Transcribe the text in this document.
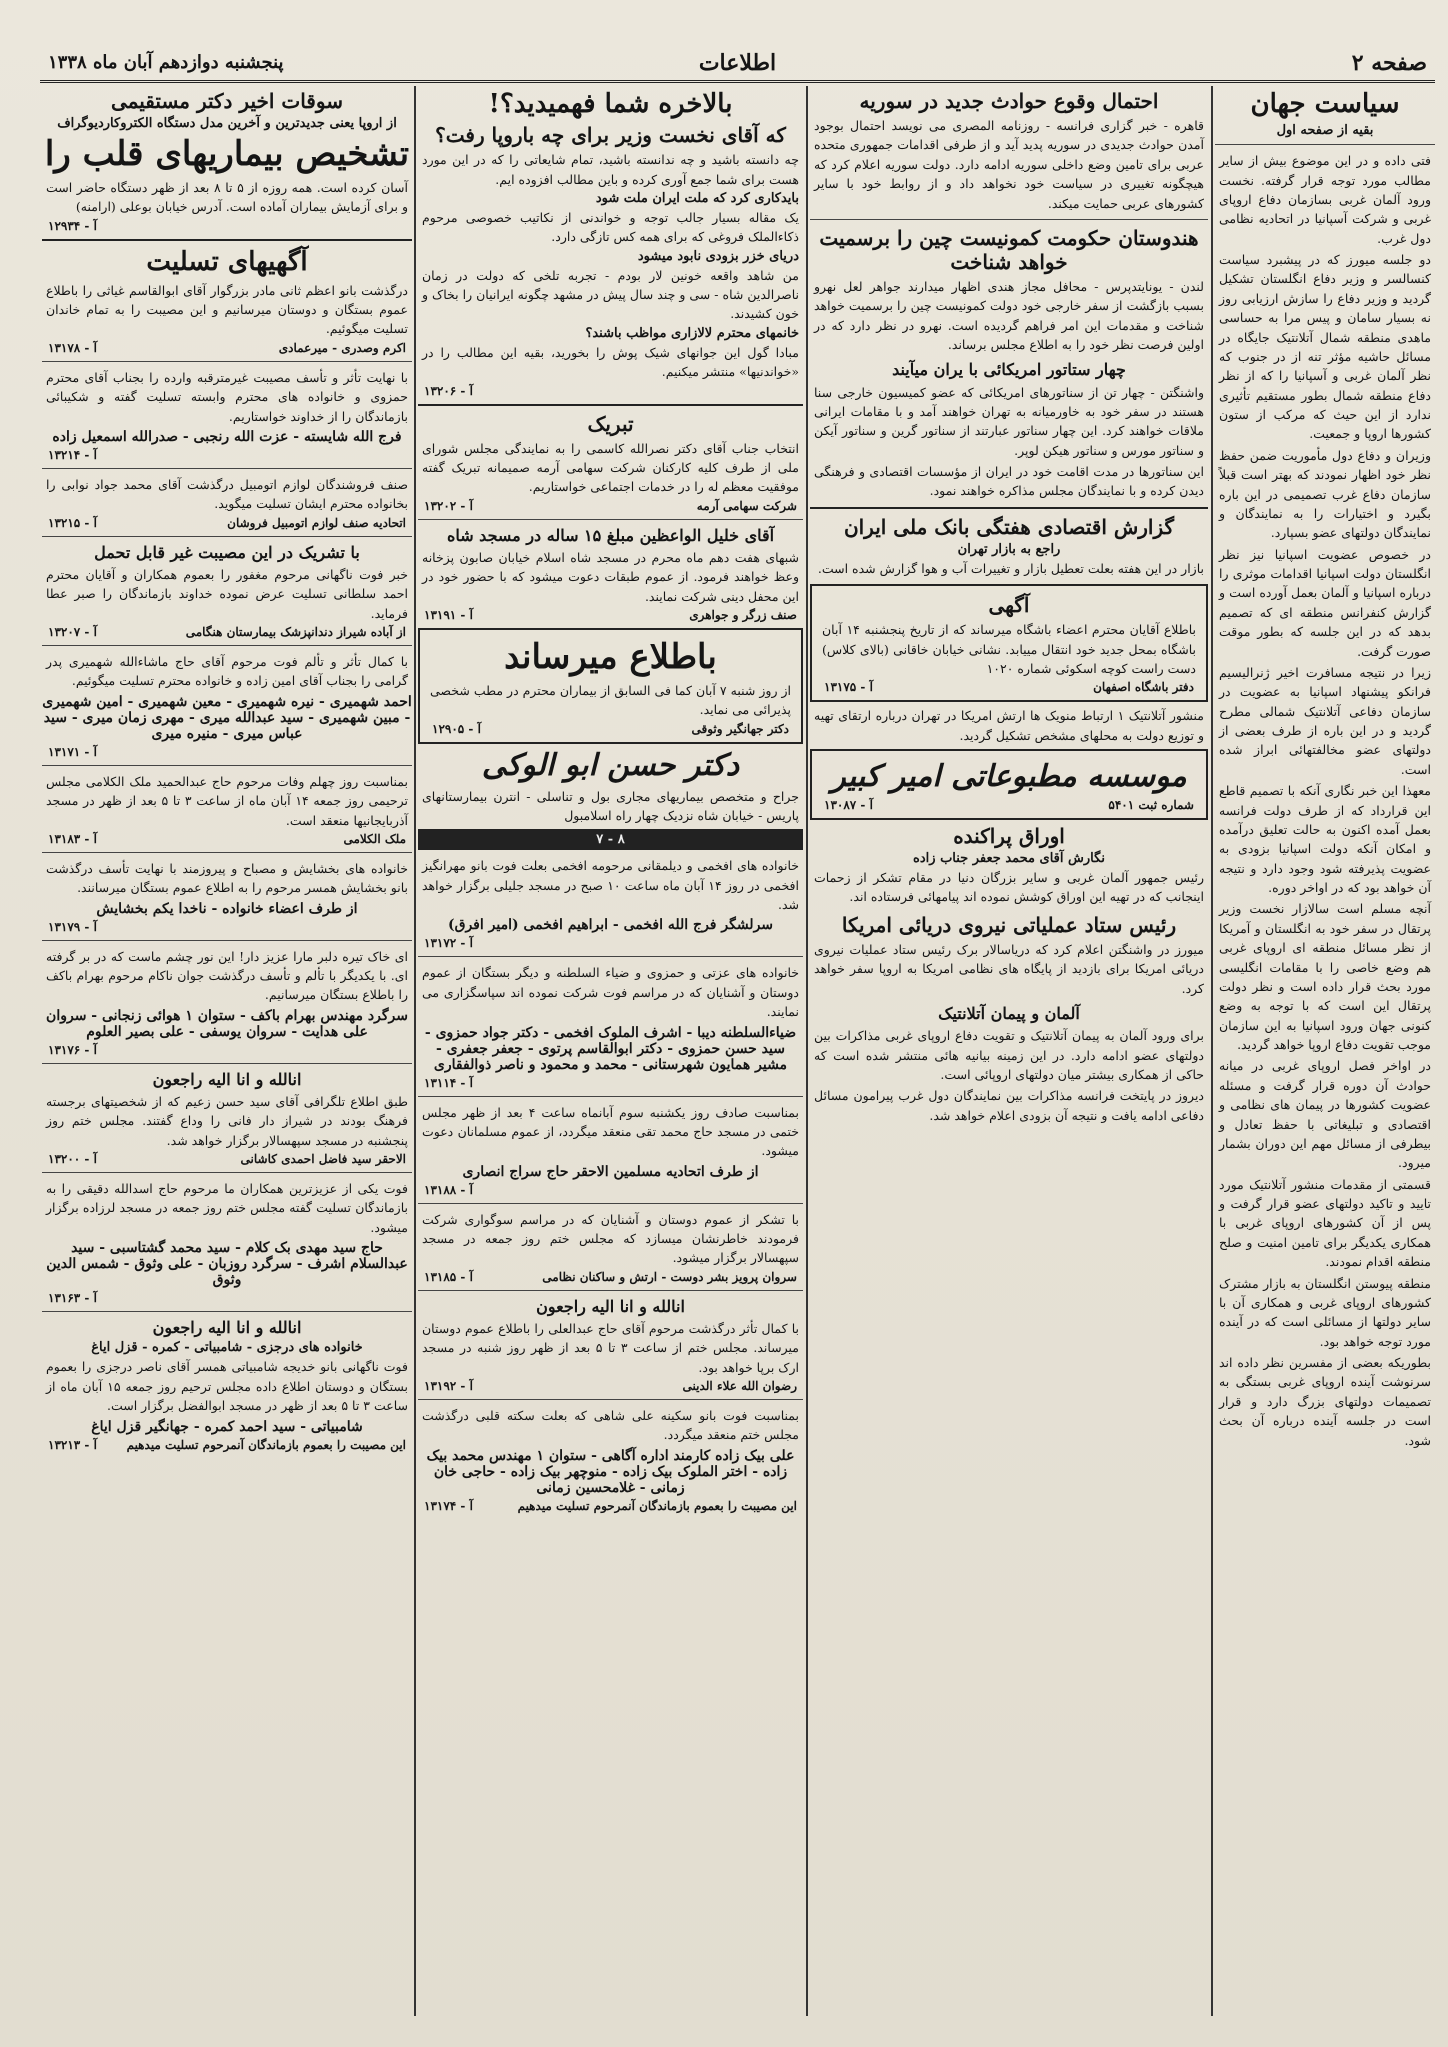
صفحه ۲
اطلاعات
پنجشنبه دوازدهم آبان ماه ۱۳۳۸
سیاست جهان
بقیه از صفحه اول

فتی داده و در این موضوع بیش از سایر مطالب مورد توجه قرار گرفته. نخست ورود آلمان غربی بسازمان دفاع اروپای غربی و شرکت آسپانیا در اتحادیه نظامی دول غرب.

دو جلسه میورز که در پیشبرد سیاست کنسالسر و وزیر دفاع انگلستان تشکیل گردید و وزیر دفاع را سازش ارزیابی روز نه بسیار سامان و پیس مرا به حساسی ماهدی منطقه شمال آتلانتیک جایگاه در مسائل حاشیه مؤثر تنه از در جنوب که نظر آلمان غربی و آسپانیا را که از نظر دفاع منطقه شمال بطور مستقیم تأثیری ندارد از این حیث که مرکب از ستون کشورها اروپا و جمعیت.

وزیران و دفاع دول مأموریت ضمن حفظ نظر خود اظهار نمودند که بهتر است قبلاً سازمان دفاع غرب تصمیمی در این باره بگیرد و اختیارات را به نمایندگان و نمایندگان دولتهای عضو بسپارد.

در خصوص عضویت اسپانیا نیز نظر انگلستان دولت اسپانیا اقدامات موثری را درباره اسپانیا و آلمان بعمل آورده است و گزارش کنفرانس منطقه ای که تصمیم بدهد که در این جلسه که بطور موقت صورت گرفت.

زیرا در نتیجه مسافرت اخیر ژنرالیسیم فرانکو پیشنهاد اسپانیا به عضویت در سازمان دفاعی آتلانتیک شمالی مطرح گردید و در این باره از طرف بعضی از دولتهای عضو مخالفتهائی ابراز شده است.

معهذا این خبر نگاری آنکه با تصمیم قاطع این قرارداد که از طرف دولت فرانسه بعمل آمده اکنون به حالت تعلیق درآمده و امکان آنکه دولت اسپانیا بزودی به عضویت پذیرفته شود وجود دارد و نتیجه آن خواهد بود که در اواخر دوره.

آنچه مسلم است سالازار نخست وزیر پرتقال در سفر خود به انگلستان و آمریکا از نظر مسائل منطقه ای اروپای غربی هم وضع خاصی را با مقامات انگلیسی مورد بحث قرار داده است و نظر دولت پرتقال این است که با توجه به وضع کنونی جهان ورود اسپانیا به این سازمان موجب تقویت دفاع اروپا خواهد گردید.

در اواخر فصل اروپای غربی در میانه حوادث آن دوره قرار گرفت و مسئله عضویت کشورها در پیمان های نظامی و اقتصادی و تبلیغاتی با حفظ تعادل و بیطرفی از مسائل مهم این دوران بشمار میرود.

قسمتی از مقدمات منشور آتلانتیک مورد تایید و تاکید دولتهای عضو قرار گرفت و پس از آن کشورهای اروپای غربی با همکاری یکدیگر برای تامین امنیت و صلح منطقه اقدام نمودند.

منطقه پیوستن انگلستان به بازار مشترک کشورهای اروپای غربی و همکاری آن با سایر دولتها از مسائلی است که در آینده مورد توجه خواهد بود.

بطوریکه بعضی از مفسرین نظر داده اند سرنوشت آینده اروپای غربی بستگی به تصمیمات دولتهای بزرگ دارد و قرار است در جلسه آینده درباره آن بحث شود.

احتمال وقوع حوادث جدید در سوریه

قاهره - خبر گزاری فرانسه - روزنامه المصری می نویسد احتمال بوجود آمدن حوادث جدیدی در سوریه پدید آید و از طرفی اقدامات جمهوری متحده عربی برای تامین وضع داخلی سوریه ادامه دارد. دولت سوریه اعلام کرد که هیچگونه تغییری در سیاست خود نخواهد داد و از روابط خود با سایر کشورهای عربی حمایت میکند.

هندوستان حکومت کمونیست چین را برسمیت خواهد شناخت

لندن - یونایتدپرس - محافل مجاز هندی اظهار میدارند جواهر لعل نهرو بسبب بازگشت از سفر خارجی خود دولت کمونیست چین را برسمیت خواهد شناخت و مقدمات این امر فراهم گردیده است. نهرو در نظر دارد که در اولین فرصت نظر خود را به اطلاع مجلس برساند.

چهار ستاتور امریکائی با یران میآیند

واشنگتن - چهار تن از سناتورهای امریکائی که عضو کمیسیون خارجی سنا هستند در سفر خود به خاورمیانه به تهران خواهند آمد و با مقامات ایرانی ملاقات خواهند کرد. این چهار سناتور عبارتند از سناتور گرین و سناتور آیکن و سناتور مورس و سناتور هیکن لوپر.

این سناتورها در مدت اقامت خود در ایران از مؤسسات اقتصادی و فرهنگی دیدن کرده و با نمایندگان مجلس مذاکره خواهند نمود.

گزارش اقتصادی هفتگی بانک ملی ایران
راجع به بازار تهران

بازار در این هفته بعلت تعطیل بازار و تغییرات آب و هوا گزارش شده است.

آگهی

باطلاع آقایان محترم اعضاء باشگاه میرساند که از تاریخ پنجشنبه ۱۴ آبان باشگاه بمحل جدید خود انتقال مییابد. نشانی خیابان خاقانی (بالای کلاس) دست راست کوچه اسکوئی شماره ۱۰۲۰

دفتر باشگاه اصفهان
آ - ۱۳۱۷۵

منشور آتلانتیک ۱ ارتباط منویک ها ارتش امریکا در تهران درباره ارتقای تهیه و توزیع دولت به محلهای مشخص تشکیل گردید.

موسسه مطبوعاتی امیر کبیر
شماره ثبت ۵۴۰۱
آ - ۱۳۰۸۷
اوراق پراکنده
نگارش آقای محمد جعفر جناب زاده

رئیس جمهور آلمان غربی و سایر بزرگان دنیا در مقام تشکر از زحمات اینجانب که در تهیه این اوراق کوشش نموده اند پیامهائی فرستاده اند.

رئیس ستاد عملیاتی نیروی دریائی امریکا

میورز در واشنگتن اعلام کرد که دریاسالار برک رئیس ستاد عملیات نیروی دریائی امریکا برای بازدید از پایگاه های نظامی امریکا به اروپا سفر خواهد کرد.

آلمان و پیمان آتلانتیک

برای ورود آلمان به پیمان آتلانتیک و تقویت دفاع اروپای غربی مذاکرات بین دولتهای عضو ادامه دارد. در این زمینه بیانیه هائی منتشر شده است که حاکی از همکاری بیشتر میان دولتهای اروپائی است.

دیروز در پایتخت فرانسه مذاکرات بین نمایندگان دول غرب پیرامون مسائل دفاعی ادامه یافت و نتیجه آن بزودی اعلام خواهد شد.

بالاخره شما فهمیدید؟!
که آقای نخست وزیر برای چه باروپا رفت؟

چه دانسته باشید و چه ندانسته باشید، تمام شایعاتی را که در این مورد هست برای شما جمع آوری کرده و باین مطالب افزوده ایم.

بایدکاری کرد که ملت ایران ملت شود

یک مقاله بسیار جالب توجه و خواندنی از نکاتیب خصوصی مرحوم ذکاءالملک فروغی که برای همه کس تازگی دارد.

دریای خزر بزودی نابود میشود

من شاهد واقعه خونین لار بودم - تجربه تلخی که دولت در زمان ناصرالدین شاه - سی و چند سال پیش در مشهد چگونه ایرانیان را بخاک و خون کشیدند.

خانمهای محترم لالازاری مواظب باشند؟

مبادا گول این جوانهای شیک پوش را بخورید، بقیه این مطالب را در «خواندنیها» منتشر میکنیم.

آ - ۱۳۲۰۶
تبریک

انتخاب جناب آقای دکتر نصرالله کاسمی را به نمایندگی مجلس شورای ملی از طرف کلیه کارکنان شرکت سهامی آرمه صمیمانه تبریک گفته موفقیت معظم له را در خدمات اجتماعی خواستاریم.

شرکت سهامی آرمه
آ - ۱۳۲۰۲
آقای خلیل الواعظین مبلغ ۱۵ ساله در مسجد شاه

شبهای هفت دهم ماه محرم در مسجد شاه اسلام خیابان صابون پزخانه وعظ خواهند فرمود. از عموم طبقات دعوت میشود که با حضور خود در این محفل دینی شرکت نمایند.

صنف زرگر و جواهری
آ - ۱۳۱۹۱
باطلاع میرساند

از روز شنبه ۷ آبان کما فی السابق از بیماران محترم در مطب شخصی پذیرائی می نماید.

دکتر جهانگیر وثوقی
آ - ۱۲۹۰۵
دکتر حسن ابو الوکی

جراح و متخصص بیماریهای مجاری بول و تناسلی - انترن بیمارستانهای پاریس - خیابان شاه نزدیک چهار راه اسلامبول

۸ - ۷

خانواده های افخمی و دیلمقانی مرحومه افخمی بعلت فوت بانو مهرانگیز افخمی در روز ۱۴ آبان ماه ساعت ۱۰ صبح در مسجد جلیلی برگزار خواهد شد.

سرلشگر فرج الله افخمی - ابراهیم افخمی (امیر افرق)
آ - ۱۳۱۷۲

خانواده های عزتی و حمزوی و ضیاء السلطنه و دیگر بستگان از عموم دوستان و آشنایان که در مراسم فوت شرکت نموده اند سپاسگزاری می نمایند.

ضیاءالسلطنه دیبا - اشرف الملوک افخمی - دکتر جواد حمزوی - سید حسن حمزوی - دکتر ابوالقاسم پرتوی - جعفر جعفری - مشیر همایون شهرستانی - محمد و محمود و ناصر ذوالفقاری
آ - ۱۳۱۱۴

بمناسبت صادف روز یکشنبه سوم آبانماه ساعت ۴ بعد از ظهر مجلس ختمی در مسجد حاج محمد تقی منعقد میگردد، از عموم مسلمانان دعوت میشود.

از طرف اتحادیه مسلمین الاحقر حاج سراج انصاری
آ - ۱۳۱۸۸

با تشکر از عموم دوستان و آشنایان که در مراسم سوگواری شرکت فرمودند خاطرنشان میسازد که مجلس ختم روز جمعه در مسجد سپهسالار برگزار میشود.

سروان پرویز بشر دوست - ارتش و ساکنان نظامی
آ - ۱۳۱۸۵
انالله و انا الیه راجعون

با کمال تأثر درگذشت مرحوم آقای حاج عبدالعلی را باطلاع عموم دوستان میرساند. مجلس ختم از ساعت ۳ تا ۵ بعد از ظهر روز شنبه در مسجد ارک برپا خواهد بود.

رضوان الله علاء الدینی
آ - ۱۳۱۹۲

بمناسبت فوت بانو سکینه علی شاهی که بعلت سکته قلبی درگذشت مجلس ختم منعقد میگردد.

علی بیک زاده کارمند اداره آگاهی - ستوان ۱ مهندس محمد بیک زاده - اختر الملوک بیک زاده - منوچهر بیک زاده - حاجی خان زمانی - غلامحسین زمانی
این مصیبت را بعموم بازماندگان آنمرحوم تسلیت میدهیم
آ - ۱۳۱۷۴
سوقات اخیر دکتر مستقیمی
از اروپا یعنی جدیدترین و آخرین مدل دستگاه الکتروکاردیوگراف
تشخیص بیماریهای قلب را

آسان کرده است. همه روزه از ۵ تا ۸ بعد از ظهر دستگاه حاضر است و برای آزمایش بیماران آماده است. آدرس خیابان بوعلی (ارامنه)

آ - ۱۲۹۳۴
آگهیهای تسلیت

درگذشت بانو اعظم ثانی مادر بزرگوار آقای ابوالقاسم غیاثی را باطلاع عموم بستگان و دوستان میرسانیم و این مصیبت را به تمام خاندان تسلیت میگوئیم.

اکرم وصدری - میرعمادی
آ - ۱۳۱۷۸

با نهایت تأثر و تأسف مصیبت غیرمترقبه وارده را بجناب آقای محترم حمزوی و خانواده های محترم وابسته تسلیت گفته و شکیبائی بازماندگان را از خداوند خواستاریم.

فرج الله شایسته - عزت الله رنجبی - صدرالله اسمعیل زاده
آ - ۱۳۲۱۴

صنف فروشندگان لوازم اتومبیل درگذشت آقای محمد جواد نوابی را بخانواده محترم ایشان تسلیت میگوید.

اتحادیه صنف لوازم اتومبیل فروشان
آ - ۱۳۲۱۵
با تشریک در این مصیبت غیر قابل تحمل

خبر فوت ناگهانی مرحوم مغفور را بعموم همکاران و آقایان محترم احمد سلطانی تسلیت عرض نموده خداوند بازماندگان را صبر عطا فرماید.

از آباده شیراز دندانپزشک بیمارستان هنگامی
آ - ۱۳۲۰۷

با کمال تأثر و تألم فوت مرحوم آقای حاج ماشاءالله شهمیری پدر گرامی را بجناب آقای امین زاده و خانواده محترم تسلیت میگوئیم.

احمد شهمیری - نیره شهمیری - معین شهمیری - امین شهمیری - مبین شهمیری - سید عبدالله میری - مهری زمان میری - سید عباس میری - منیره میری
آ - ۱۳۱۷۱

بمناسبت روز چهلم وفات مرحوم حاج عبدالحمید ملک الکلامی مجلس ترحیمی روز جمعه ۱۴ آبان ماه از ساعت ۳ تا ۵ بعد از ظهر در مسجد آذربایجانیها منعقد است.

ملک الکلامی
آ - ۱۳۱۸۳

خانواده های بخشایش و مصباح و پیروزمند با نهایت تأسف درگذشت بانو بخشایش همسر مرحوم را به اطلاع عموم بستگان میرسانند.

از طرف اعضاء خانواده - ناخدا یکم بخشایش
آ - ۱۳۱۷۹

ای خاک تیره دلبر مارا عزیز دار! این نور چشم ماست که در بر گرفته ای. با یکدیگر با تألم و تأسف درگذشت جوان ناکام مرحوم بهرام باکف را باطلاع بستگان میرسانیم.

سرگرد مهندس بهرام باکف - ستوان ۱ هوائی زنجانی - سروان علی هدایت - سروان یوسفی - علی بصیر العلوم
آ - ۱۳۱۷۶
انالله و انا الیه راجعون

طبق اطلاع تلگرافی آقای سید حسن زعیم که از شخصیتهای برجسته فرهنگ بودند در شیراز دار فانی را وداع گفتند. مجلس ختم روز پنجشنبه در مسجد سپهسالار برگزار خواهد شد.

الاحقر سید فاضل احمدی کاشانی
آ - ۱۳۲۰۰

فوت یکی از عزیزترین همکاران ما مرحوم حاج اسدالله دقیقی را به بازماندگان تسلیت گفته مجلس ختم روز جمعه در مسجد لرزاده برگزار میشود.

حاج سید مهدی بک کلام - سید محمد گشتاسبی - سید عبدالسلام اشرف - سرگرد روزبان - علی وثوق - شمس الدین وثوق
آ - ۱۳۱۶۳
انالله و انا الیه راجعون
خانواده های درجزی - شامبیاتی - کمره - قزل ایاغ

فوت ناگهانی بانو خدیجه شامبیاتی همسر آقای ناصر درجزی را بعموم بستگان و دوستان اطلاع داده مجلس ترحیم روز جمعه ۱۵ آبان ماه از ساعت ۳ تا ۵ بعد از ظهر در مسجد ابوالفضل برگزار است.

شامبیاتی - سید احمد کمره - جهانگیر قزل ایاغ
این مصیبت را بعموم بازماندگان آنمرحوم تسلیت میدهیم
آ - ۱۳۲۱۳
